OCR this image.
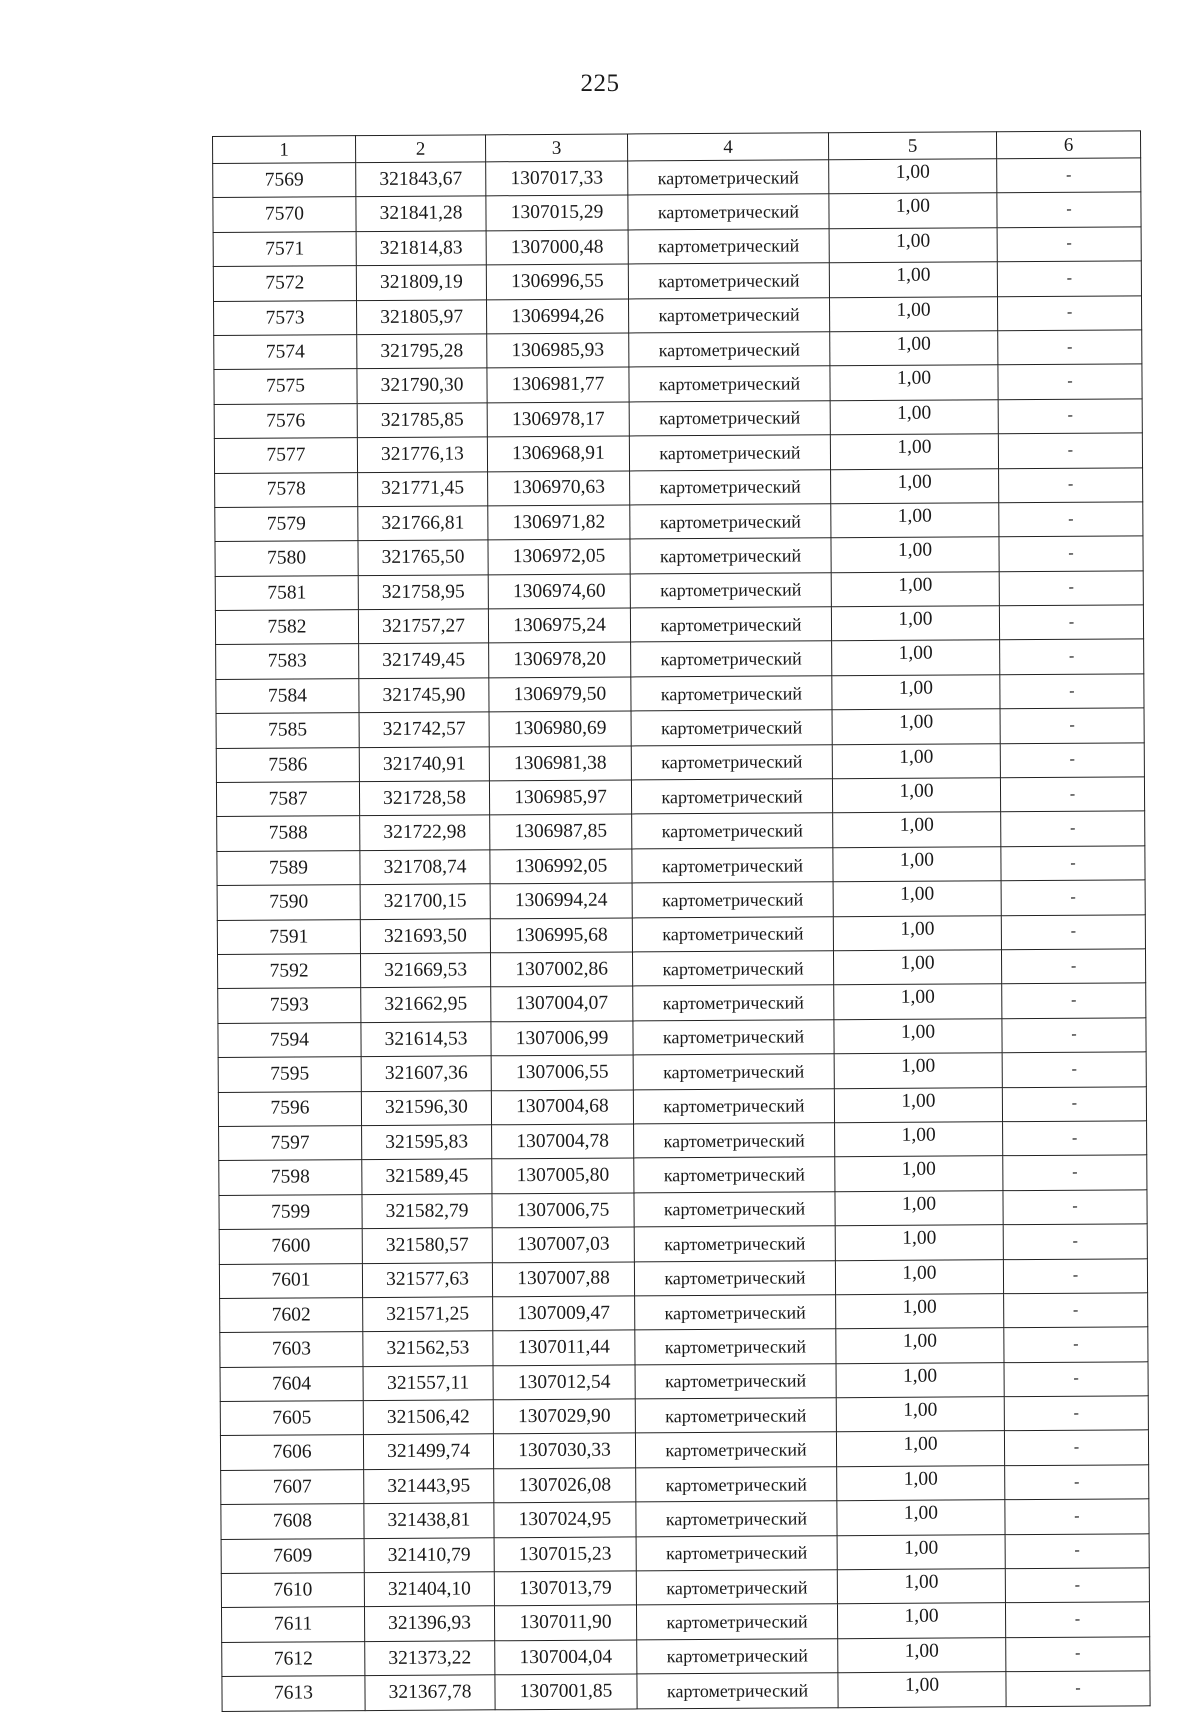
225
1	2	3	4	5	6
7569	321843,67	1307017,33	картометрический	1,00	-
7570	321841,28	1307015,29	картометрический	1,00	-
7571	321814,83	1307000,48	картометрический	1,00	-
7572	321809,19	1306996,55	картометрический	1,00	-
7573	321805,97	1306994,26	картометрический	1,00	-
7574	321795,28	1306985,93	картометрический	1,00	-
7575	321790,30	1306981,77	картометрический	1,00	-
7576	321785,85	1306978,17	картометрический	1,00	-
7577	321776,13	1306968,91	картометрический	1,00	-
7578	321771,45	1306970,63	картометрический	1,00	-
7579	321766,81	1306971,82	картометрический	1,00	-
7580	321765,50	1306972,05	картометрический	1,00	-
7581	321758,95	1306974,60	картометрический	1,00	-
7582	321757,27	1306975,24	картометрический	1,00	-
7583	321749,45	1306978,20	картометрический	1,00	-
7584	321745,90	1306979,50	картометрический	1,00	-
7585	321742,57	1306980,69	картометрический	1,00	-
7586	321740,91	1306981,38	картометрический	1,00	-
7587	321728,58	1306985,97	картометрический	1,00	-
7588	321722,98	1306987,85	картометрический	1,00	-
7589	321708,74	1306992,05	картометрический	1,00	-
7590	321700,15	1306994,24	картометрический	1,00	-
7591	321693,50	1306995,68	картометрический	1,00	-
7592	321669,53	1307002,86	картометрический	1,00	-
7593	321662,95	1307004,07	картометрический	1,00	-
7594	321614,53	1307006,99	картометрический	1,00	-
7595	321607,36	1307006,55	картометрический	1,00	-
7596	321596,30	1307004,68	картометрический	1,00	-
7597	321595,83	1307004,78	картометрический	1,00	-
7598	321589,45	1307005,80	картометрический	1,00	-
7599	321582,79	1307006,75	картометрический	1,00	-
7600	321580,57	1307007,03	картометрический	1,00	-
7601	321577,63	1307007,88	картометрический	1,00	-
7602	321571,25	1307009,47	картометрический	1,00	-
7603	321562,53	1307011,44	картометрический	1,00	-
7604	321557,11	1307012,54	картометрический	1,00	-
7605	321506,42	1307029,90	картометрический	1,00	-
7606	321499,74	1307030,33	картометрический	1,00	-
7607	321443,95	1307026,08	картометрический	1,00	-
7608	321438,81	1307024,95	картометрический	1,00	-
7609	321410,79	1307015,23	картометрический	1,00	-
7610	321404,10	1307013,79	картометрический	1,00	-
7611	321396,93	1307011,90	картометрический	1,00	-
7612	321373,22	1307004,04	картометрический	1,00	-
7613	321367,78	1307001,85	картометрический	1,00	-
